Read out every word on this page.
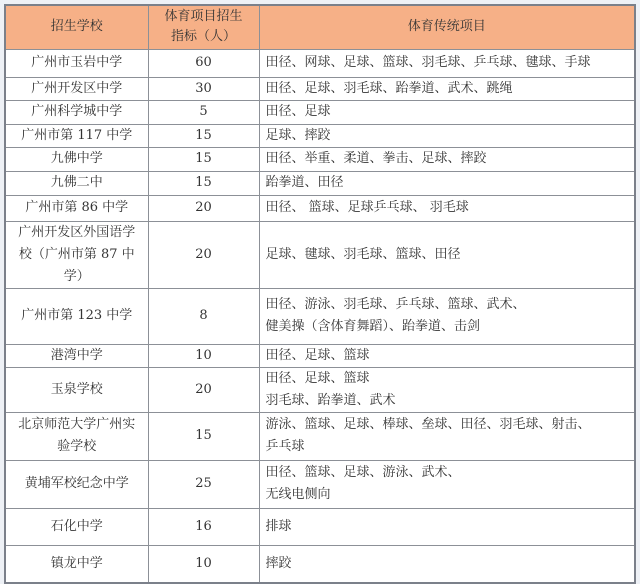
招生学校	体育项目招生指标（人）	体育传统项目
广州市玉岩中学	60	田径、网球、足球、篮球、羽毛球、乒乓球、毽球、手球

广州开发区中学	30	田径、足球、羽毛球、跆拳道、武术、跳绳

广州科学城中学	5	田径、足球

广州市第 117 中学	15	足球、摔跤

九佛中学	15	田径、举重、柔道、拳击、足球、摔跤

九佛二中	15	跆拳道、田径

广州市第 86 中学	20	田径、 篮球、足球乒乓球、 羽毛球

广州开发区外国语学校（广州市第 87 中学）	20	足球、毽球、羽毛球、篮球、田径

广州市第 123 中学	8	田径、游泳、羽毛球、乒乓球、篮球、武术、
健美操（含体育舞蹈）、跆拳道、击剑

港湾中学	10	田径、足球、篮球

玉泉学校	20	田径、足球、篮球
羽毛球、跆拳道、武术

北京师范大学广州实验学校	15	游泳、篮球、足球、棒球、垒球、田径、羽毛球、射击、
乒乓球

黄埔军校纪念中学	25	田径、篮球、足球、游泳、武术、
无线电侧向

石化中学	16	排球

镇龙中学	10	摔跤
